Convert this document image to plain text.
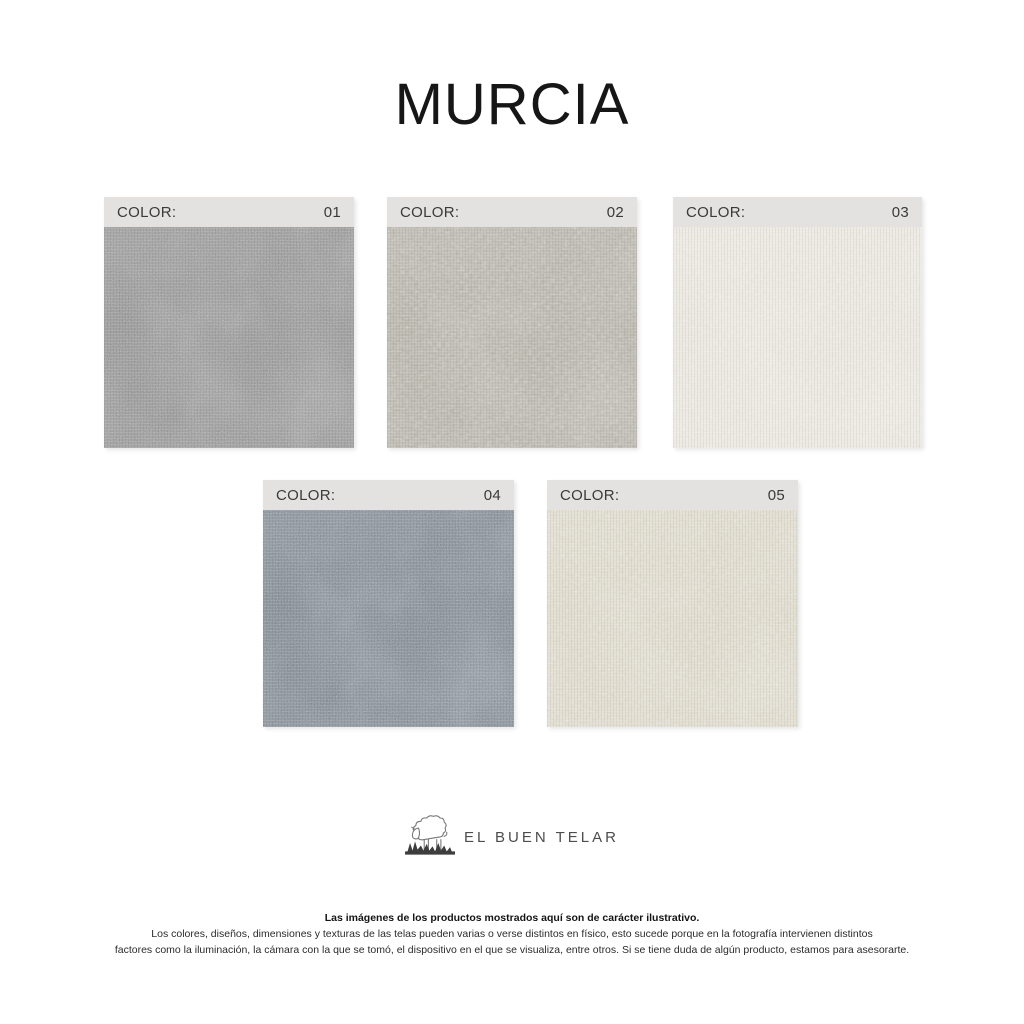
MURCIA
COLOR:	01	COLOR:	02	COLOR:	03
COLOR:	04	COLOR:	05
EL BUEN TELAR
Las imágenes de los productos mostrados aquí son de carácter ilustrativo.
Los colores, diseños, dimensiones y texturas de las telas pueden varias o verse distintos en físico, esto sucede porque en la fotografía intervienen distintos
factores como la iluminación, la cámara con la que se tomó, el dispositivo en el que se visualiza, entre otros. Si se tiene duda de algún producto, estamos para asesorarte.
